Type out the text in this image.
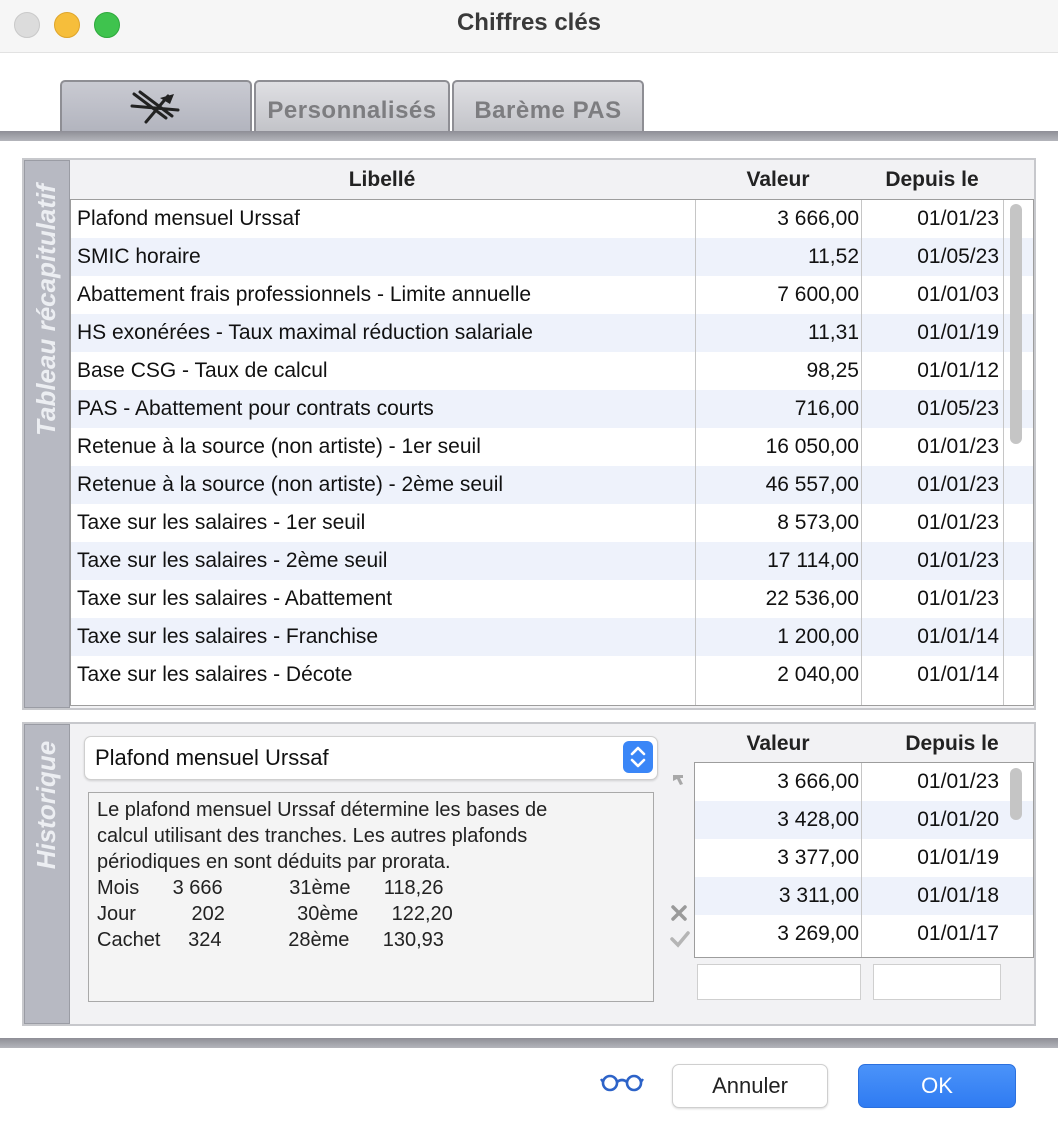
Chiffres clés
Personnalisés	Barème PAS
Tableau récapitulatif
Libellé	Valeur	Depuis le
Plafond mensuel Urssaf	3 666,00	01/01/23
SMIC horaire	11,52	01/05/23
Abattement frais professionnels - Limite annuelle	7 600,00	01/01/03
HS exonérées - Taux maximal réduction salariale	11,31	01/01/19
Base CSG - Taux de calcul	98,25	01/01/12
PAS - Abattement pour contrats courts	716,00	01/05/23
Retenue à la source (non artiste) - 1er seuil	16 050,00	01/01/23
Retenue à la source (non artiste) - 2ème seuil	46 557,00	01/01/23
Taxe sur les salaires - 1er seuil	8 573,00	01/01/23
Taxe sur les salaires - 2ème seuil	17 114,00	01/01/23
Taxe sur les salaires - Abattement	22 536,00	01/01/23
Taxe sur les salaires - Franchise	1 200,00	01/01/14
Taxe sur les salaires - Décote	2 040,00	01/01/14
Historique Plafond mensuel Urssaf
Le plafond mensuel Urssaf détermine les bases de
calcul utilisant des tranches. Les autres plafonds
périodiques en sont déduits par prorata.
Mois      3 666            31ème      118,26
Jour          202             30ème      122,20
Cachet     324            28ème      130,93
Valeur	Depuis le
3 666,00	01/01/23
3 428,00	01/01/20
3 377,00	01/01/19
3 311,00	01/01/18
3 269,00	01/01/17
Annuler	OK
